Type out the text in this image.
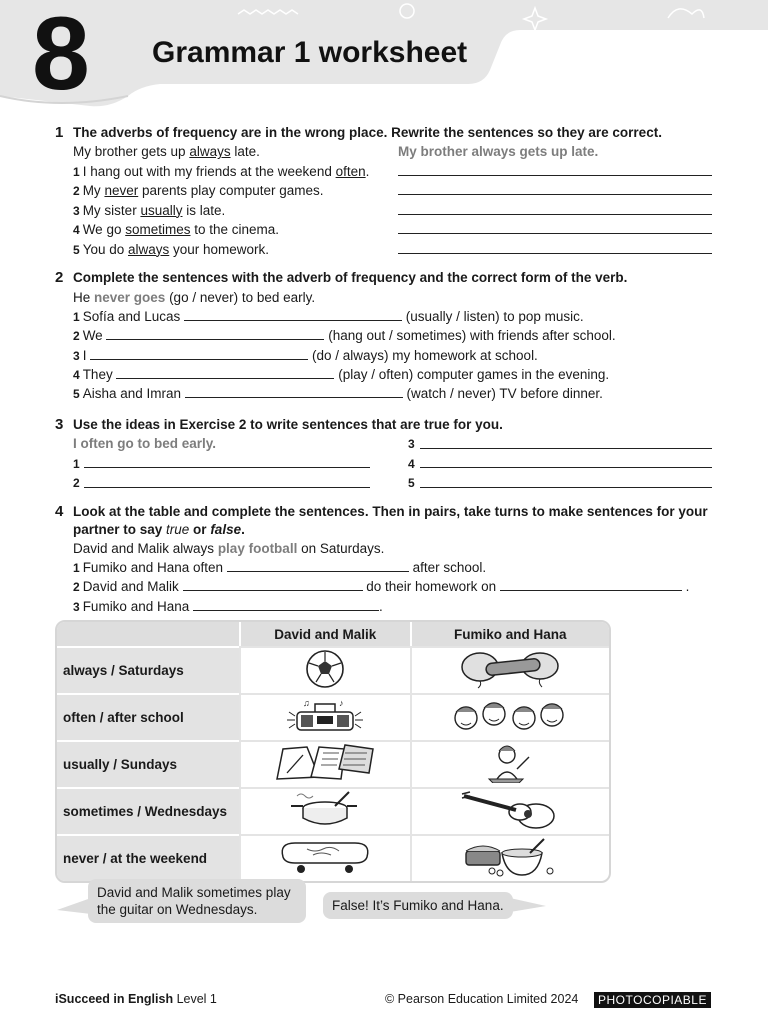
8 Grammar 1 worksheet
1 The adverbs of frequency are in the wrong place. Rewrite the sentences so they are correct.
My brother gets up always late.	My brother always gets up late.
1 I hang out with my friends at the weekend often.
2 My never parents play computer games.
3 My sister usually is late.
4 We go sometimes to the cinema.
5 You do always your homework.
2 Complete the sentences with the adverb of frequency and the correct form of the verb.
He never goes (go / never) to bed early.
1 Sofía and Lucas	(usually / listen) to pop music.
2 We	(hang out / sometimes) with friends after school.
3 I	(do / always) my homework at school.
4 They	(play / often) computer games in the evening.
5 Aisha and Imran	(watch / never) TV before dinner.
3 Use the ideas in Exercise 2 to write sentences that are true for you.
I often go to bed early.
1
2
3
4
5
4 Look at the table and complete the sentences. Then in pairs, take turns to make sentences for your
partner to say true or false.
David and Malik always play football on Saturdays.
1 Fumiko and Hana often	after school.
2 David and Malik	do their homework on	.
3 Fumiko and Hana	.
	David and Malik	Fumiko and Hana
always / Saturdays		
often / after school	♫ ♪

usually / Sundays		
sometimes / Wednesdays		
never / at the weekend		
David and Malik sometimes play
the guitar on Wednesdays.	False! It’s Fumiko and Hana.
iSucceed in English Level 1	© Pearson Education Limited 2024	PHOTOCOPIABLE
